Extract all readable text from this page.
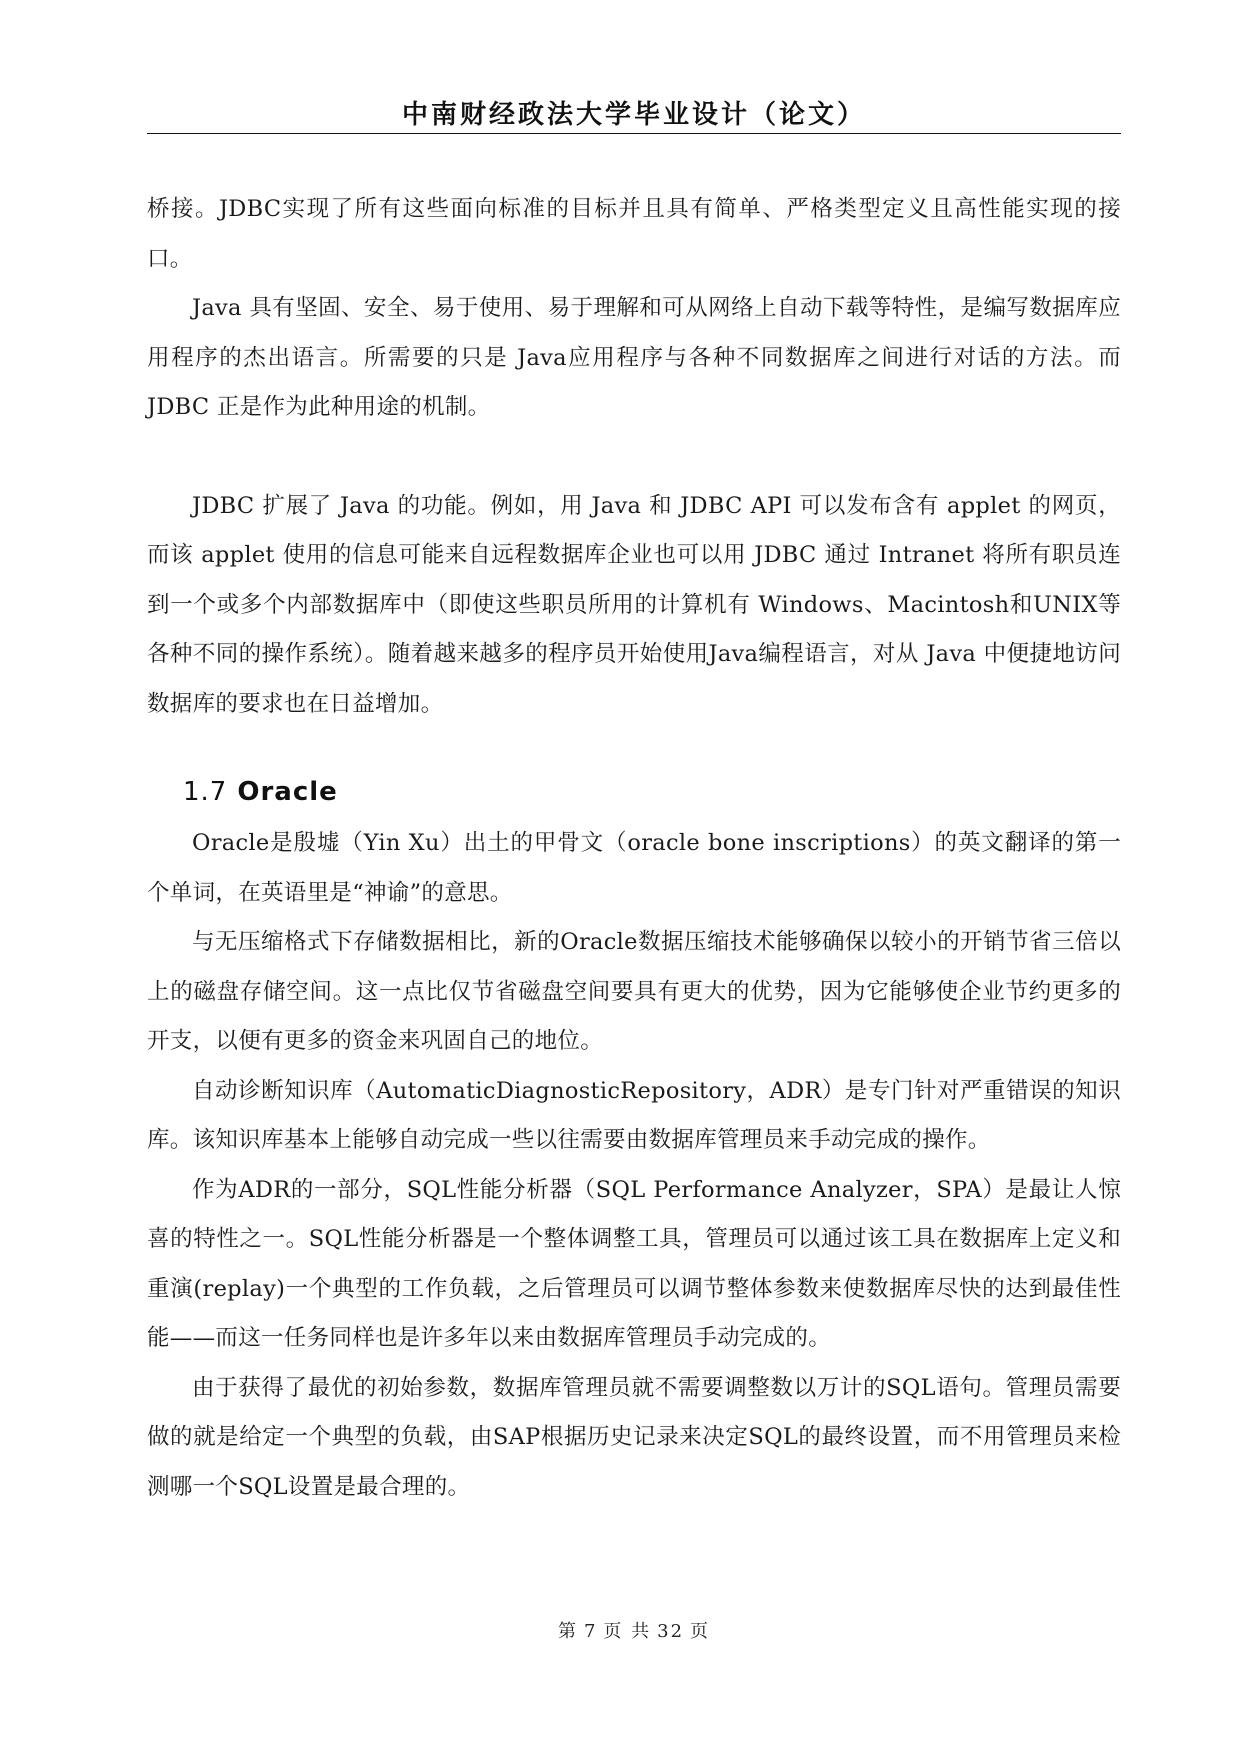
中南财经政法大学毕业设计（论文）

桥接。JDBC实现了所有这些面向标准的目标并且具有简单、严格类型定义且高性能实现的接口。

Java 具有坚固、安全、易于使用、易于理解和可从网络上自动下载等特性，是编写数据库应用程序的杰出语言。所需要的只是 Java应用程序与各种不同数据库之间进行对话的方法。而 JDBC 正是作为此种用途的机制。

JDBC 扩展了 Java 的功能。例如，用 Java 和 JDBC API 可以发布含有 applet 的网页，而该 applet 使用的信息可能来自远程数据库企业也可以用 JDBC 通过 Intranet 将所有职员连到一个或多个内部数据库中（即使这些职员所用的计算机有 Windows、Macintosh和UNIX等各种不同的操作系统）。随着越来越多的程序员开始使用Java编程语言，对从 Java 中便捷地访问数据库的要求也在日益增加。

1.7 Oracle

Oracle是殷墟（Yin Xu）出土的甲骨文（oracle bone inscriptions）的英文翻译的第一个单词，在英语里是“神谕”的意思。

与无压缩格式下存储数据相比，新的Oracle数据压缩技术能够确保以较小的开销节省三倍以上的磁盘存储空间。这一点比仅节省磁盘空间要具有更大的优势，因为它能够使企业节约更多的开支，以便有更多的资金来巩固自己的地位。

自动诊断知识库（AutomaticDiagnosticRepository，ADR）是专门针对严重错误的知识库。该知识库基本上能够自动完成一些以往需要由数据库管理员来手动完成的操作。

作为ADR的一部分，SQL性能分析器（SQL Performance Analyzer，SPA）是最让人惊喜的特性之一。SQL性能分析器是一个整体调整工具，管理员可以通过该工具在数据库上定义和重演(replay)一个典型的工作负载，之后管理员可以调节整体参数来使数据库尽快的达到最佳性能——而这一任务同样也是许多年以来由数据库管理员手动完成的。

由于获得了最优的初始参数，数据库管理员就不需要调整数以万计的SQL语句。管理员需要做的就是给定一个典型的负载，由SAP根据历史记录来决定SQL的最终设置，而不用管理员来检测哪一个SQL设置是最合理的。

第 7 页 共 32 页
